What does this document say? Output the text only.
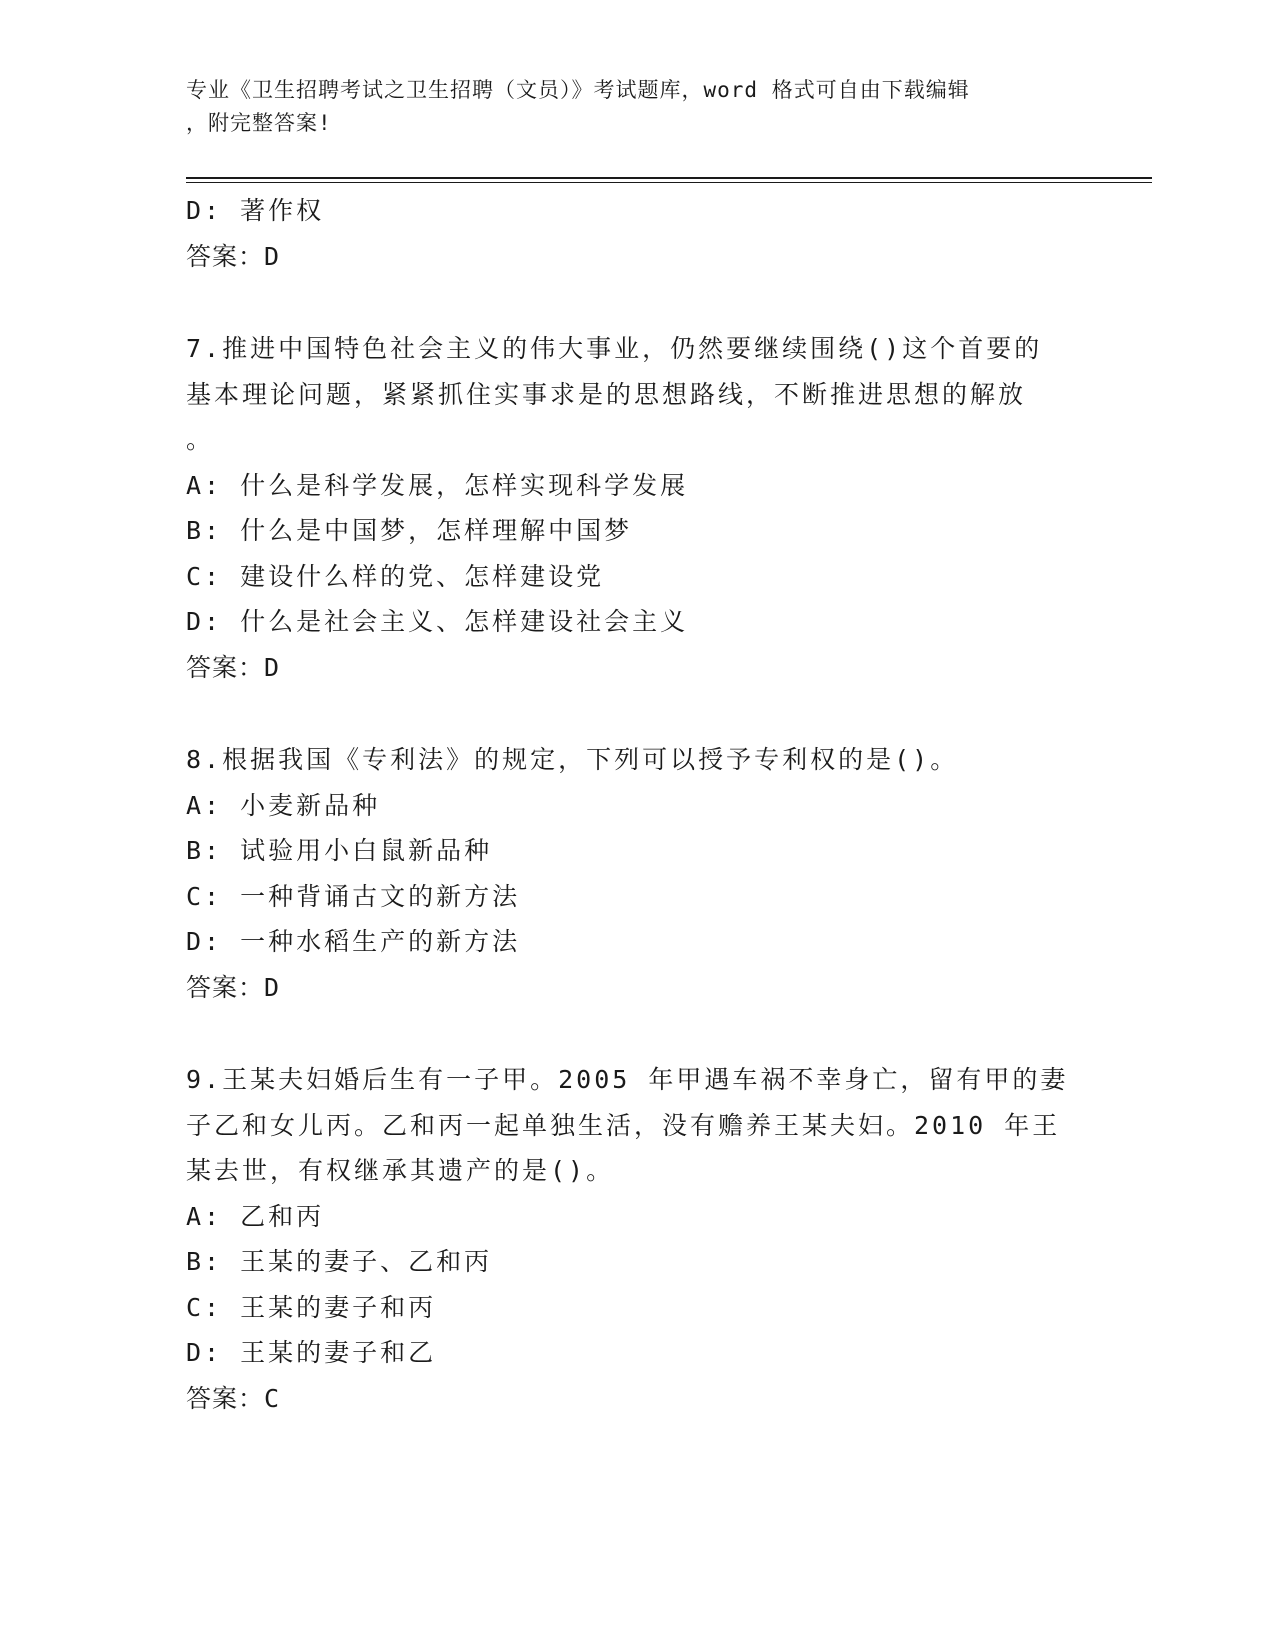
专业《卫生招聘考试之卫生招聘（文员）》考试题库，word 格式可自由下载编辑
，附完整答案!
D: 著作权
答案：D
7.推进中国特色社会主义的伟大事业，仍然要继续围绕()这个首要的
基本理论问题，紧紧抓住实事求是的思想路线，不断推进思想的解放
。
A: 什么是科学发展，怎样实现科学发展
B: 什么是中国梦，怎样理解中国梦
C: 建设什么样的党、怎样建设党
D: 什么是社会主义、怎样建设社会主义
答案：D
8.根据我国《专利法》的规定，下列可以授予专利权的是()。
A: 小麦新品种
B: 试验用小白鼠新品种
C: 一种背诵古文的新方法
D: 一种水稻生产的新方法
答案：D
9.王某夫妇婚后生有一子甲。2005 年甲遇车祸不幸身亡，留有甲的妻
子乙和女儿丙。乙和丙一起单独生活，没有赡养王某夫妇。2010 年王
某去世，有权继承其遗产的是()。
A: 乙和丙
B: 王某的妻子、乙和丙
C: 王某的妻子和丙
D: 王某的妻子和乙
答案：C
